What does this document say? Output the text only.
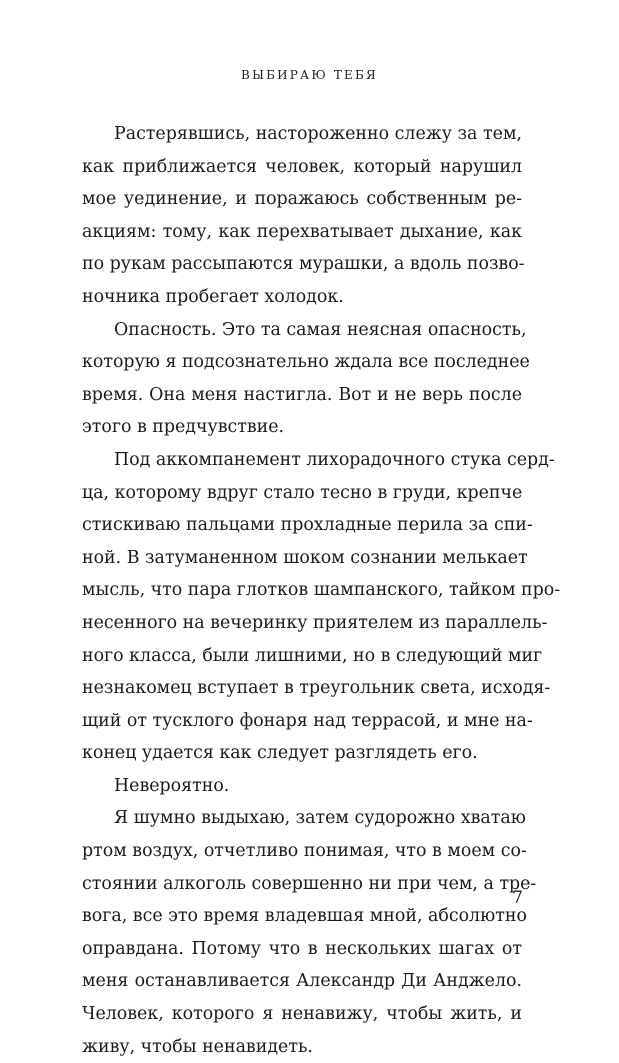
ВЫБИРАЮ ТЕБЯ
Растерявшись, настороженно слежу за тем,
как приближается человек, который нарушил
мое уединение, и поражаюсь собственным ре-
акциям: тому, как перехватывает дыхание, как
по рукам рассыпаются мурашки, а вдоль позво-
ночника пробегает холодок.
Опасность. Это та самая неясная опасность,
которую я подсознательно ждала все последнее
время. Она меня настигла. Вот и не верь после
этого в предчувствие.
Под аккомпанемент лихорадочного стука серд-
ца, которому вдруг стало тесно в груди, крепче
стискиваю пальцами прохладные перила за спи-
ной. В затуманенном шоком сознании мелькает
мысль, что пара глотков шампанского, тайком про-
несенного на вечеринку приятелем из параллель-
ного класса, были лишними, но в следующий миг
незнакомец вступает в треугольник света, исходя-
щий от тусклого фонаря над террасой, и мне на-
конец удается как следует разглядеть его.
Невероятно.
Я шумно выдыхаю, затем судорожно хватаю
ртом воздух, отчетливо понимая, что в моем со-
стоянии алкоголь совершенно ни при чем, а тре-
вога, все это время владевшая мной, абсолютно
оправдана. Потому что в нескольких шагах от
меня останавливается Александр Ди Анджело.
Человек, которого я ненавижу, чтобы жить, и
живу, чтобы ненавидеть.
7
